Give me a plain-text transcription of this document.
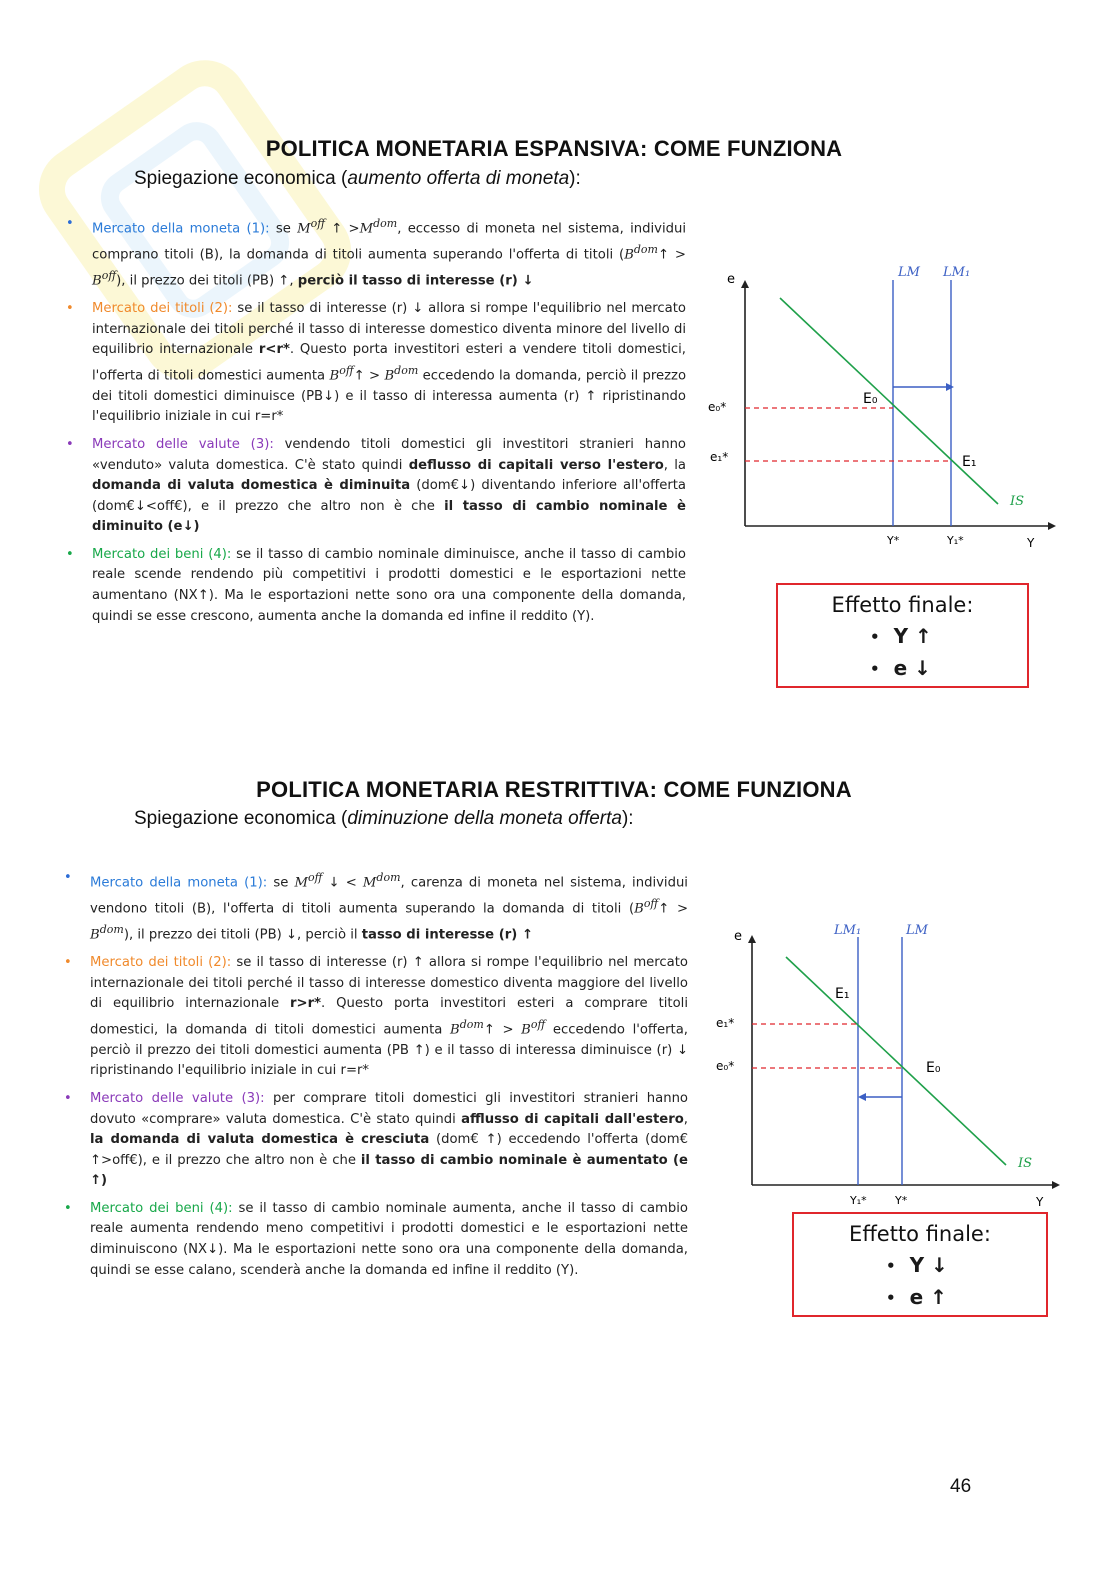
POLITICA MONETARIA ESPANSIVA: COME FUNZIONA
Spiegazione economica (aumento offerta di moneta):
• Mercato della moneta (1): se $M^{off}$ ↑ $>M^{dom}$, eccesso di moneta nel sistema, individui comprano titoli (B), la domanda di titoli aumenta superando l'offerta di titoli $(B^{dom}↑ > B^{off})$, il prezzo dei titoli (PB) ↑, perciò il tasso di interesse (r) ↓
• Mercato dei titoli (2): se il tasso di interesse (r) ↓ allora si rompe l'equilibrio nel mercato internazionale dei titoli perché il tasso di interesse domestico diventa minore del livello di equilibrio internazionale r<r*. Questo porta investitori esteri a vendere titoli domestici, l'offerta di titoli domestici aumenta $B^{off}↑ > B^{dom}$ eccedendo la domanda, perciò il prezzo dei titoli domestici diminuisce (PB↓) e il tasso di interessa aumenta (r) ↑ ripristinando l'equilibrio iniziale in cui r=r*
• Mercato delle valute (3): vendendo titoli domestici gli investitori stranieri hanno «venduto» valuta domestica. C'è stato quindi deflusso di capitali verso l'estero, la domanda di valuta domestica è diminuita (dom€↓) diventando inferiore all'offerta (dom€↓<off€), e il prezzo che altro non è che il tasso di cambio nominale è diminuito (e↓)
• Mercato dei beni (4): se il tasso di cambio nominale diminuisce, anche il tasso di cambio reale scende rendendo più competitivi i prodotti domestici e le esportazioni nette aumentano (NX↑). Ma le esportazioni nette sono ora una componente della domanda, quindi se esse crescono, aumenta anche la domanda ed infine il reddito (Y).
e
Y
LM LM₁
IS
e₀*
e₁*
E₀
E₁
Y*	Y₁*
Effetto finale:
• Y ↑
• e ↓
POLITICA MONETARIA RESTRITTIVA: COME FUNZIONA
Spiegazione economica (diminuzione della moneta offerta):
• Mercato della moneta (1): se $M^{off}$ ↓ < $M^{dom}$, carenza di moneta nel sistema, individui vendono titoli (B), l'offerta di titoli aumenta superando la domanda di titoli $(B^{off}↑ > B^{dom})$, il prezzo dei titoli (PB) ↓, perciò il tasso di interesse (r) ↑
• Mercato dei titoli (2): se il tasso di interesse (r) ↑ allora si rompe l'equilibrio nel mercato internazionale dei titoli perché il tasso di interesse domestico diventa maggiore del livello di equilibrio internazionale r>r*. Questo porta investitori esteri a comprare titoli domestici, la domanda di titoli domestici aumenta $B^{dom}↑ > B^{off}$ eccedendo l'offerta, perciò il prezzo dei titoli domestici aumenta (PB ↑) e il tasso di interessa diminuisce (r) ↓ ripristinando l'equilibrio iniziale in cui r=r*
• Mercato delle valute (3): per comprare titoli domestici gli investitori stranieri hanno dovuto «comprare» valuta domestica. C'è stato quindi afflusso di capitali dall'estero, la domanda di valuta domestica è cresciuta (dom€ ↑) eccedendo l'offerta (dom€ ↑>off€), e il prezzo che altro non è che il tasso di cambio nominale è aumentato (e ↑)
• Mercato dei beni (4): se il tasso di cambio nominale aumenta, anche il tasso di cambio reale aumenta rendendo meno competitivi i prodotti domestici e le esportazioni nette diminuiscono (NX↓). Ma le esportazioni nette sono ora una componente della domanda, quindi se esse calano, scenderà anche la domanda ed infine il reddito (Y).
e
Y
LM₁	LM
IS
e₁*
e₀*
E₁
E₀
Y₁*	Y*
Effetto finale:
• Y ↓
• e ↑
46
